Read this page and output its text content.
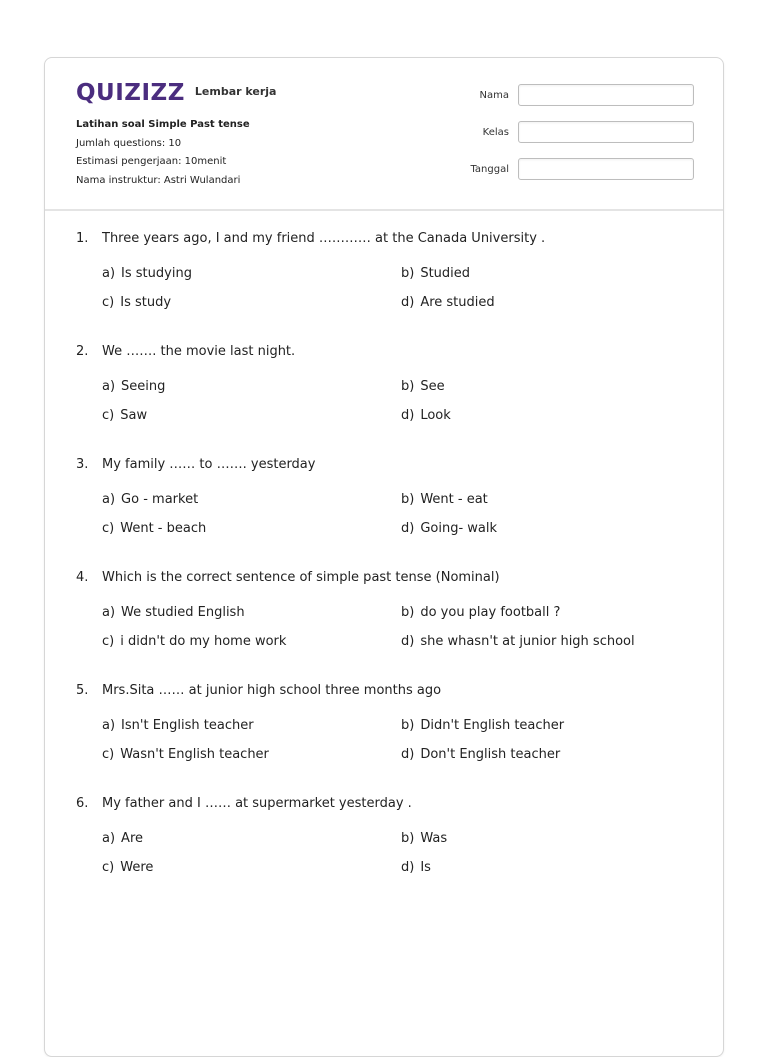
QUIZIZZ Lembar kerja
Latihan soal Simple Past tense
Jumlah questions: 10
Estimasi pengerjaan: 10menit
Nama instruktur: Astri Wulandari
Nama
Kelas
Tanggal
1.	Three years ago, I and my friend ………… at the Canada University .
a) Is studying	b) Studied
c) Is study	d) Are studied
2.	We ……. the movie last night.
a) Seeing	b) See
c) Saw	d) Look
3.	My family …… to ……. yesterday
a) Go - market	b) Went - eat
c) Went - beach	d) Going- walk
4.	Which is the correct sentence of simple past tense (Nominal)
a) We studied English	b) do you play football ?
c) i didn't do my home work	d) she whasn't at junior high school
5.	Mrs.Sita …… at junior high school three months ago
a) Isn't English teacher	b) Didn't English teacher
c) Wasn't English teacher	d) Don't English teacher
6.	My father and I …… at supermarket yesterday .
a) Are	b) Was
c) Were	d) Is
